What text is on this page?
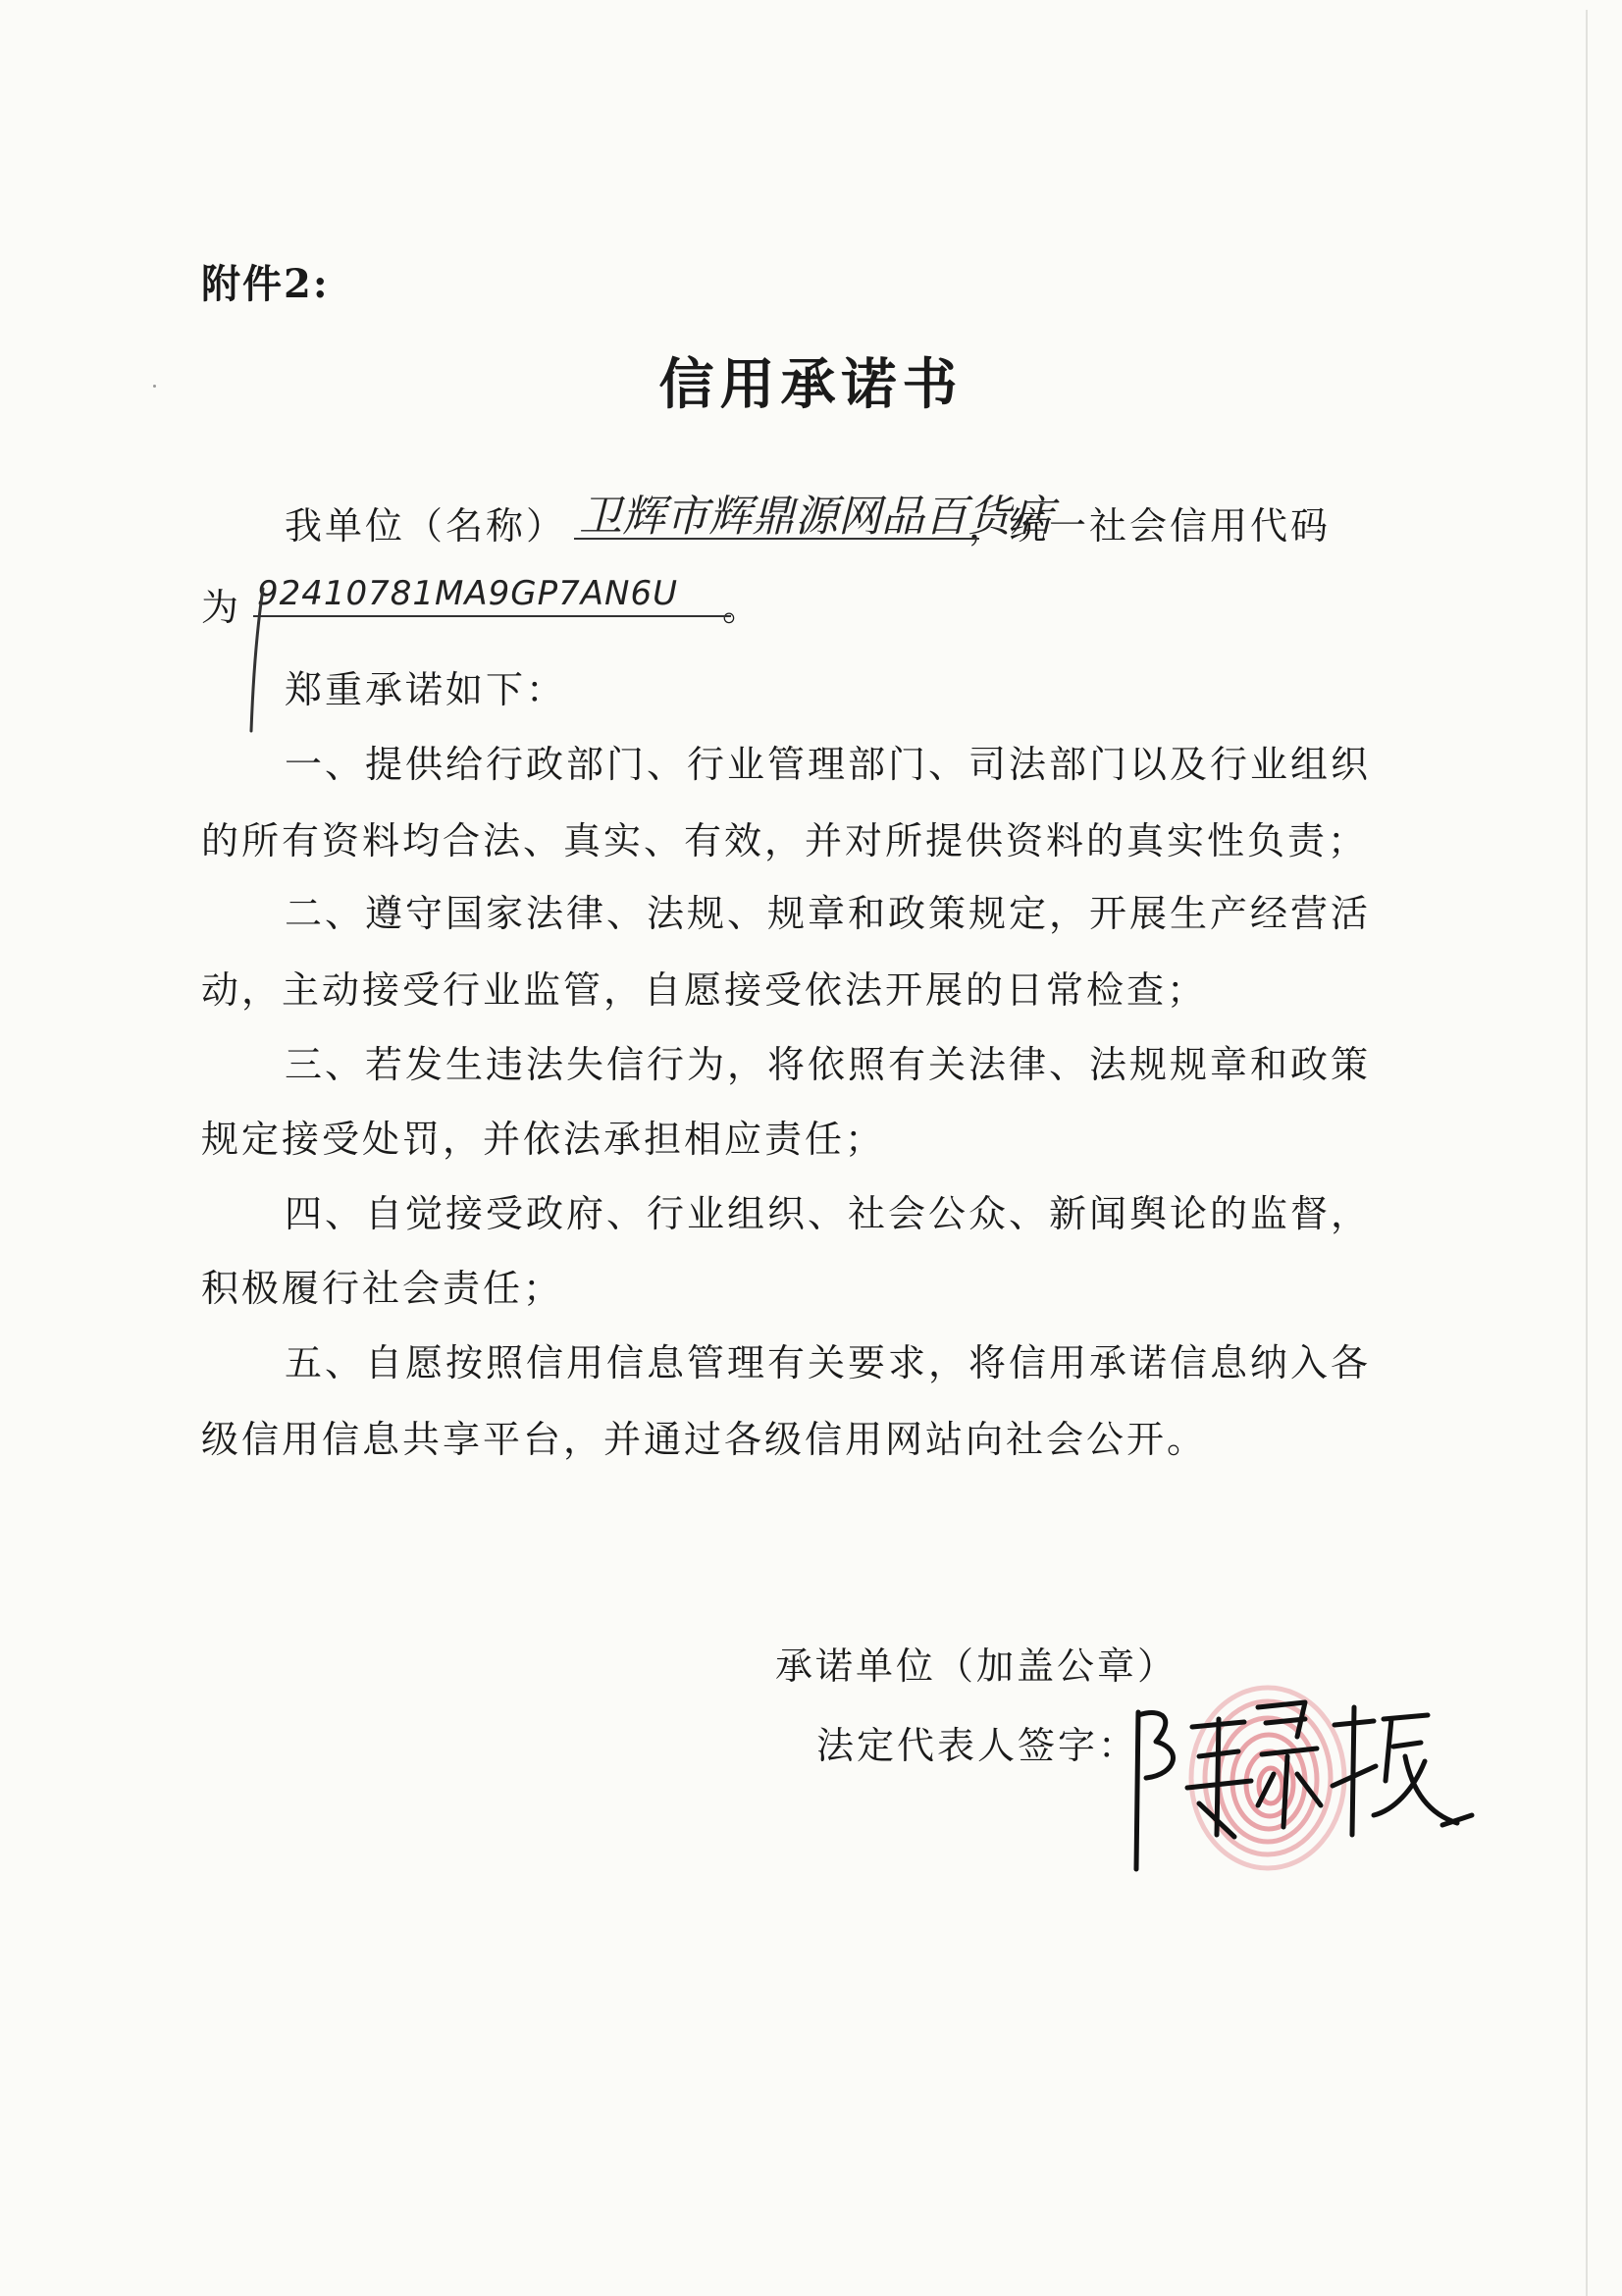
附件2:
信用承诺书
我单位（名称）	，统一社会信用代码
卫辉市辉鼎源网品百货店
为	。
92410781MA9GP7AN6U
郑重承诺如下：
一、提供给行政部门、行业管理部门、司法部门以及行业组织
的所有资料均合法、真实、有效，并对所提供资料的真实性负责；
二、遵守国家法律、法规、规章和政策规定，开展生产经营活
动，主动接受行业监管，自愿接受依法开展的日常检查；
三、若发生违法失信行为，将依照有关法律、法规规章和政策
规定接受处罚，并依法承担相应责任；
四、自觉接受政府、行业组织、社会公众、新闻舆论的监督，
积极履行社会责任；
五、自愿按照信用信息管理有关要求，将信用承诺信息纳入各
级信用信息共享平台，并通过各级信用网站向社会公开。
承诺单位（加盖公章）
法定代表人签字：
